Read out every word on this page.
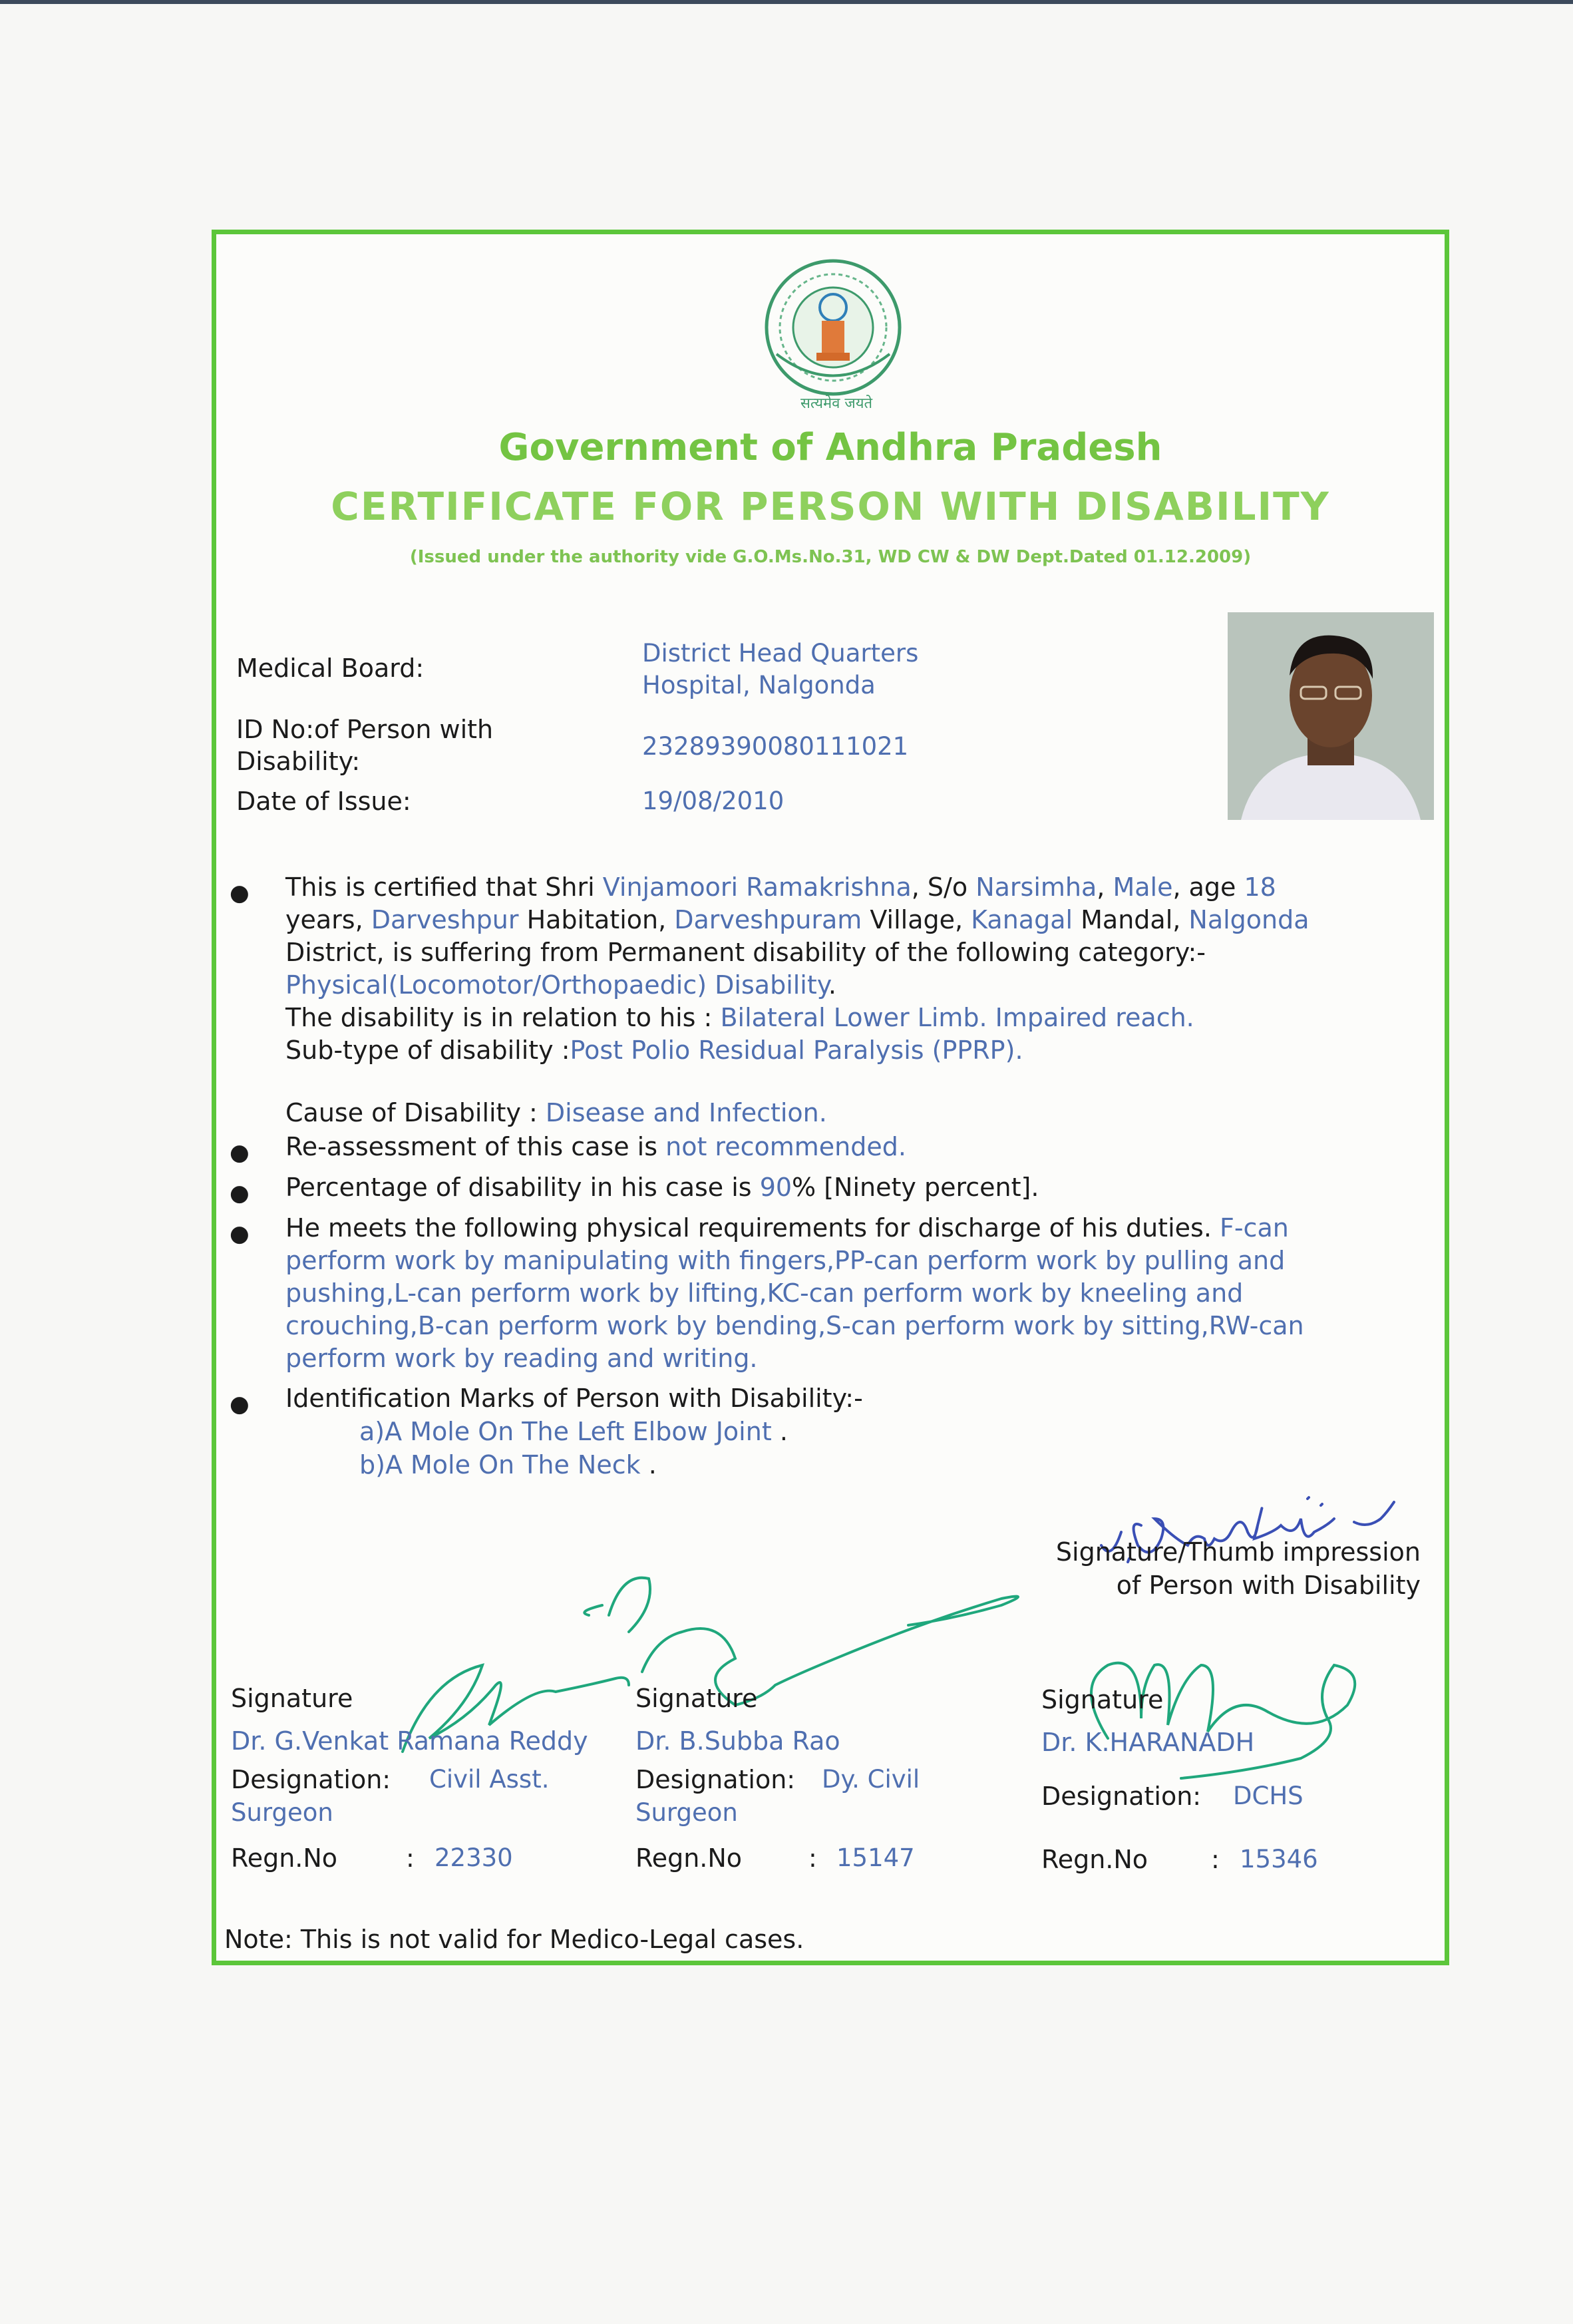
सत्यमेव जयते
Government of Andhra Pradesh
CERTIFICATE FOR PERSON WITH DISABILITY
(Issued under the authority vide G.O.Ms.No.31, WD CW & DW Dept.Dated 01.12.2009)
Medical Board:
District Head Quarters
Hospital, Nalgonda
ID No:of Person with
Disability:
23289390080111021
Date of Issue:	19/08/2010
● This is certified that Shri Vinjamoori Ramakrishna, S/o Narsimha, Male, age 18
years, Darveshpur Habitation, Darveshpuram Village, Kanagal Mandal, Nalgonda
District, is suffering from Permanent disability of the following category:-
Physical(Locomotor/Orthopaedic) Disability.
The disability is in relation to his : Bilateral Lower Limb. Impaired reach.
Sub-type of disability :Post Polio Residual Paralysis (PPRP).
Cause of Disability : Disease and Infection.
● Re-assessment of this case is not recommended.
● Percentage of disability in his case is 90% [Ninety percent].
● He meets the following physical requirements for discharge of his duties. F-can
perform work by manipulating with fingers,PP-can perform work by pulling and
pushing,L-can perform work by lifting,KC-can perform work by kneeling and
crouching,B-can perform work by bending,S-can perform work by sitting,RW-can
perform work by reading and writing.
● Identification Marks of Person with Disability:-
a)A Mole On The Left Elbow Joint .
b)A Mole On The Neck .
Signature/Thumb impression
of Person with Disability
Signature
Dr. G.Venkat Ramana Reddy
Designation: Civil Asst.
Surgeon
Regn.No	: 22330
Signature
Dr. B.Subba Rao
Designation: Dy. Civil
Surgeon
Regn.No	: 15147
Signature
Dr. K.HARANADH
Designation: DCHS
Regn.No : 15346
Note: This is not valid for Medico-Legal cases.
